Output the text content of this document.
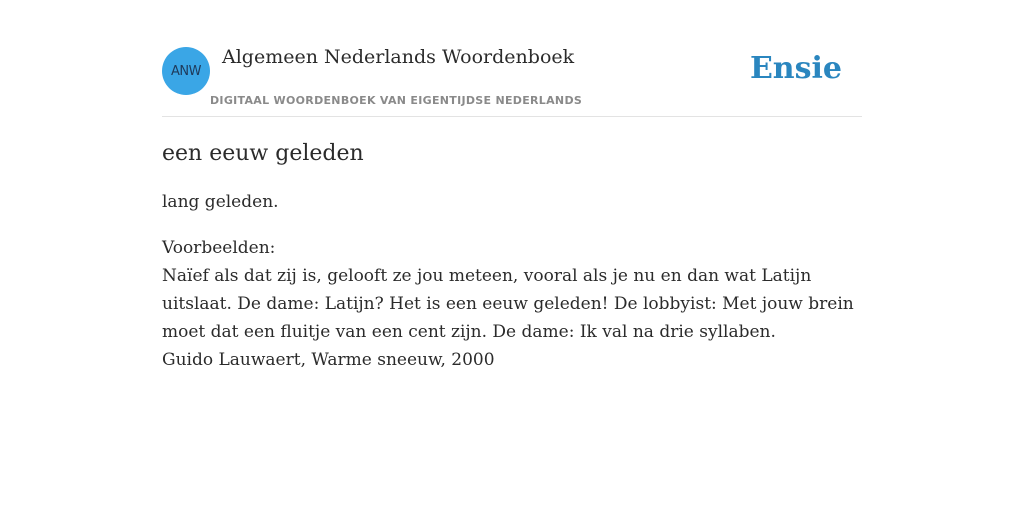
ANW
Algemeen Nederlands Woordenboek
DIGITAAL WOORDENBOEK VAN EIGENTIJDSE NEDERLANDS
Ensie
een eeuw geleden

lang geleden.

Voorbeelden:
Naïef als dat zij is, gelooft ze jou meteen, vooral als je nu en dan wat Latijn uitslaat. De dame: Latijn? Het is een eeuw geleden! De lobbyist: Met jouw brein moet dat een fluitje van een cent zijn. De dame: Ik val na drie syllaben.
Guido Lauwaert, Warme sneeuw, 2000
